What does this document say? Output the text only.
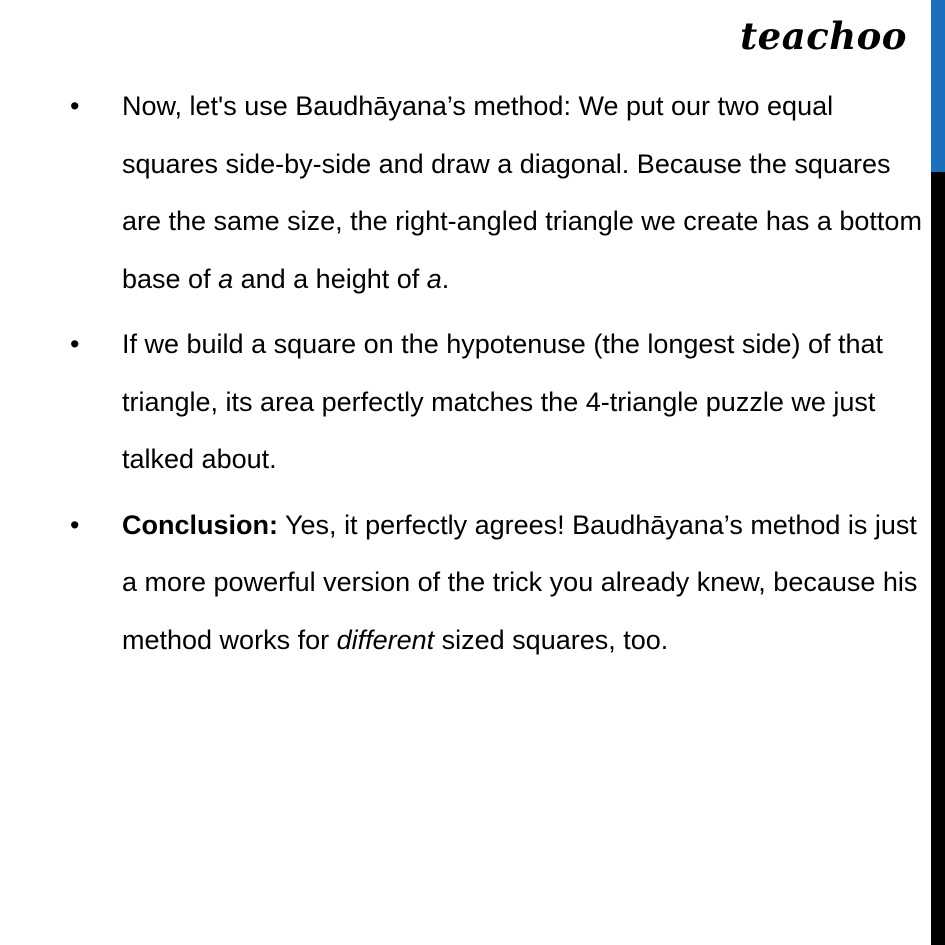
teachoo
• Now, let's use Baudhāyana’s method: We put our two equal squares side-by-side and draw a diagonal. Because the squares are the same size, the right-angled triangle we create has a bottom base of a and a height of a.
• If we build a square on the hypotenuse (the longest side) of that triangle, its area perfectly matches the 4-triangle puzzle we just talked about.
• Conclusion: Yes, it perfectly agrees! Baudhāyana’s method is just a more powerful version of the trick you already knew, because his method works for different sized squares, too.
